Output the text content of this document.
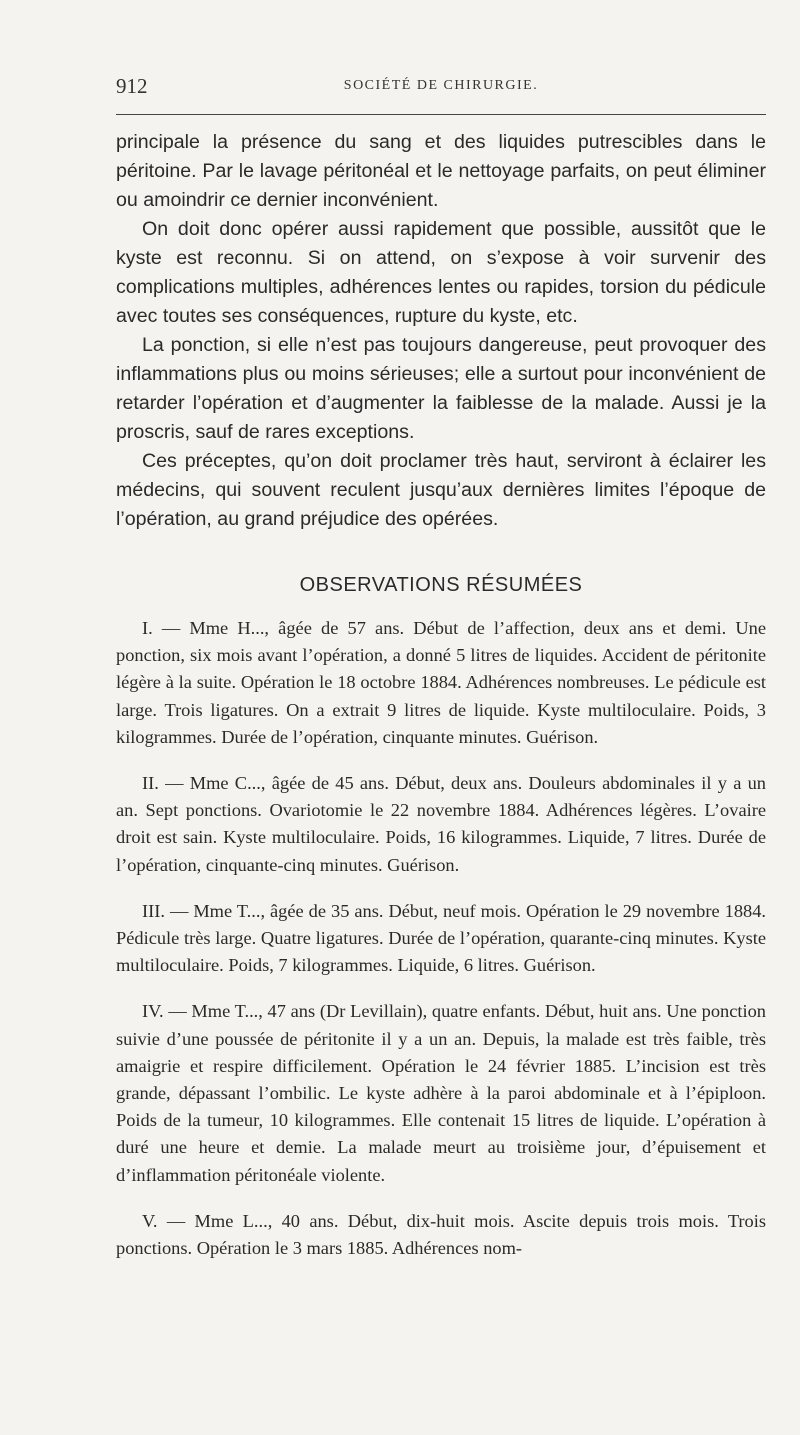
912	SOCIÉTÉ DE CHIRURGIE.

principale la présence du sang et des liquides putrescibles dans le péritoine. Par le lavage péritonéal et le nettoyage parfaits, on peut éliminer ou amoindrir ce dernier inconvénient.

On doit donc opérer aussi rapidement que possible, aussitôt que le kyste est reconnu. Si on attend, on s’expose à voir survenir des complications multiples, adhérences lentes ou rapides, torsion du pédicule avec toutes ses conséquences, rupture du kyste, etc.

La ponction, si elle n’est pas toujours dangereuse, peut provoquer des inflammations plus ou moins sérieuses; elle a surtout pour inconvénient de retarder l’opération et d’augmenter la faiblesse de la malade. Aussi je la proscris, sauf de rares exceptions.

Ces préceptes, qu’on doit proclamer très haut, serviront à éclairer les médecins, qui souvent reculent jusqu’aux dernières limites l’époque de l’opération, au grand préjudice des opérées.

OBSERVATIONS RÉSUMÉES

I. — Mme H..., âgée de 57 ans. Début de l’affection, deux ans et demi. Une ponction, six mois avant l’opération, a donné 5 litres de liquides. Accident de péritonite légère à la suite. Opération le 18 octobre 1884. Adhérences nombreuses. Le pédicule est large. Trois ligatures. On a extrait 9 litres de liquide. Kyste multiloculaire. Poids, 3 kilogrammes. Durée de l’opération, cinquante minutes. Guérison.

II. — Mme C..., âgée de 45 ans. Début, deux ans. Douleurs abdominales il y a un an. Sept ponctions. Ovariotomie le 22 novembre 1884. Adhérences légères. L’ovaire droit est sain. Kyste multiloculaire. Poids, 16 kilogrammes. Liquide, 7 litres. Durée de l’opération, cinquante-cinq minutes. Guérison.

III. — Mme T..., âgée de 35 ans. Début, neuf mois. Opération le 29 novembre 1884. Pédicule très large. Quatre ligatures. Durée de l’opération, quarante-cinq minutes. Kyste multiloculaire. Poids, 7 kilogrammes. Liquide, 6 litres. Guérison.

IV. — Mme T..., 47 ans (Dr Levillain), quatre enfants. Début, huit ans. Une ponction suivie d’une poussée de péritonite il y a un an. Depuis, la malade est très faible, très amaigrie et respire difficilement. Opération le 24 février 1885. L’incision est très grande, dépassant l’ombilic. Le kyste adhère à la paroi abdominale et à l’épiploon. Poids de la tumeur, 10 kilogrammes. Elle contenait 15 litres de liquide. L’opération à duré une heure et demie. La malade meurt au troisième jour, d’épuisement et d’inflammation péritonéale violente.

V. — Mme L..., 40 ans. Début, dix-huit mois. Ascite depuis trois mois. Trois ponctions. Opération le 3 mars 1885. Adhérences nom-
